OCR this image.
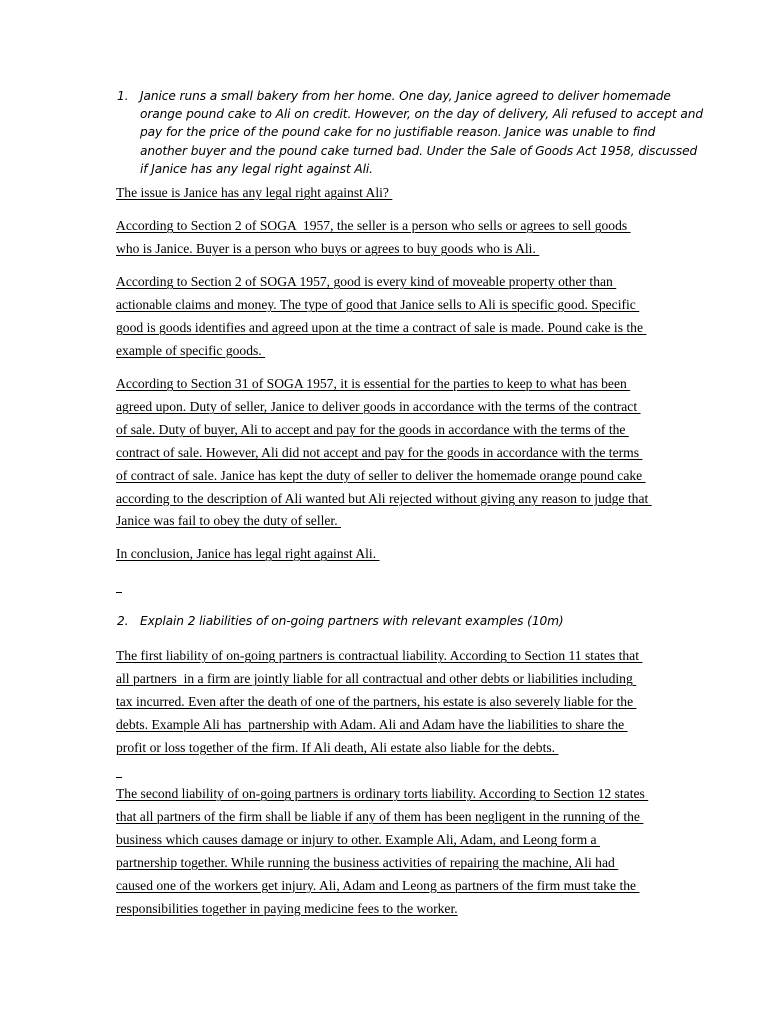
1. Janice runs a small bakery from her home. One day, Janice agreed to deliver homemade
orange pound cake to Ali on credit. However, on the day of delivery, Ali refused to accept and
pay for the price of the pound cake for no justifiable reason. Janice was unable to find
another buyer and the pound cake turned bad. Under the Sale of Goods Act 1958, discussed
if Janice has any legal right against Ali.
The issue is Janice has any legal right against Ali?
According to Section 2 of SOGA  1957, the seller is a person who sells or agrees to sell goods
who is Janice. Buyer is a person who buys or agrees to buy goods who is Ali.
According to Section 2 of SOGA 1957, good is every kind of moveable property other than
actionable claims and money. The type of good that Janice sells to Ali is specific good. Specific
good is goods identifies and agreed upon at the time a contract of sale is made. Pound cake is the
example of specific goods.
According to Section 31 of SOGA 1957, it is essential for the parties to keep to what has been
agreed upon. Duty of seller, Janice to deliver goods in accordance with the terms of the contract
of sale. Duty of buyer, Ali to accept and pay for the goods in accordance with the terms of the
contract of sale. However, Ali did not accept and pay for the goods in accordance with the terms
of contract of sale. Janice has kept the duty of seller to deliver the homemade orange pound cake
according to the description of Ali wanted but Ali rejected without giving any reason to judge that
Janice was fail to obey the duty of seller.
In conclusion, Janice has legal right against Ali.
2. Explain 2 liabilities of on-going partners with relevant examples (10m)
The first liability of on-going partners is contractual liability. According to Section 11 states that
all partners  in a firm are jointly liable for all contractual and other debts or liabilities including
tax incurred. Even after the death of one of the partners, his estate is also severely liable for the
debts. Example Ali has  partnership with Adam. Ali and Adam have the liabilities to share the
profit or loss together of the firm. If Ali death, Ali estate also liable for the debts.
The second liability of on-going partners is ordinary torts liability. According to Section 12 states
that all partners of the firm shall be liable if any of them has been negligent in the running of the
business which causes damage or injury to other. Example Ali, Adam, and Leong form a
partnership together. While running the business activities of repairing the machine, Ali had
caused one of the workers get injury. Ali, Adam and Leong as partners of the firm must take the
responsibilities together in paying medicine fees to the worker.
